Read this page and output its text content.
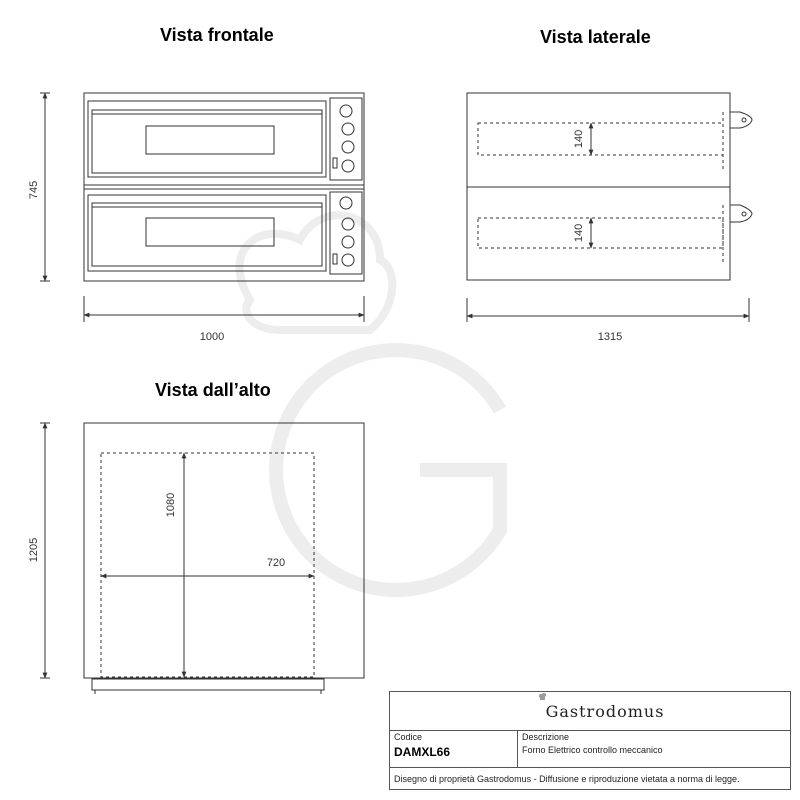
Vista frontale	Vista laterale
Vista dall’alto
745
1000
140
140
1315
1205
1080
720
Gastrodomus
Codice
DAMXL66
Descrizione
Forno Elettrico controllo meccanico
Disegno di proprietà Gastrodomus - Diffusione e riproduzione vietata a norma di legge.
